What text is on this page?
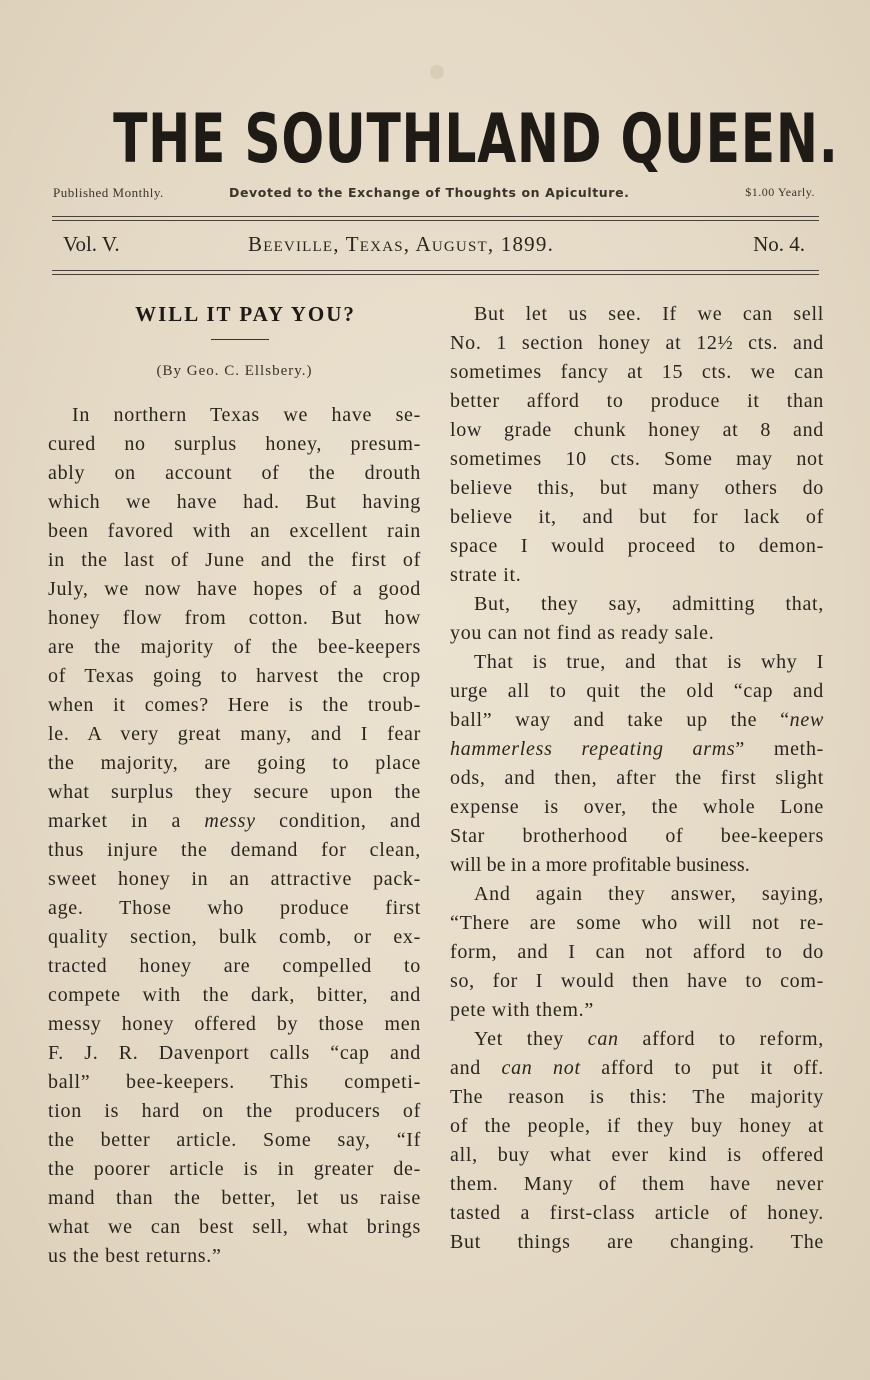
THE SOUTHLAND QUEEN.
Published Monthly.	Devoted to the Exchange of Thoughts on Apiculture.	$1.00 Yearly.
Vol. V.	Beeville, Texas, August, 1899.	No. 4.

WILL IT PAY YOU?

(By Geo. C. Ellsbery.)

In northern Texas we have se-

cured no surplus honey, presum-

ably on account of the drouth

which we have had. But having

been favored with an excellent rain

in the last of June and the first of

July, we now have hopes of a good

honey flow from cotton. But how

are the majority of the bee-keepers

of Texas going to harvest the crop

when it comes? Here is the troub-

le. A very great many, and I fear

the majority, are going to place

what surplus they secure upon the

market in a messy condition, and

thus injure the demand for clean,

sweet honey in an attractive pack-

age. Those who produce first

quality section, bulk comb, or ex-

tracted honey are compelled to

compete with the dark, bitter, and

messy honey offered by those men

F. J. R. Davenport calls “cap and

ball” bee-keepers. This competi-

tion is hard on the producers of

the better article. Some say, “If

the poorer article is in greater de-

mand than the better, let us raise

what we can best sell, what brings

us the best returns.”

But let us see. If we can sell

No. 1 section honey at 12½ cts. and

sometimes fancy at 15 cts. we can

better afford to produce it than

low grade chunk honey at 8 and

sometimes 10 cts. Some may not

believe this, but many others do

believe it, and but for lack of

space I would proceed to demon-

strate it.

But, they say, admitting that,

you can not find as ready sale.

That is true, and that is why I

urge all to quit the old “cap and

ball” way and take up the “new

hammerless repeating arms” meth-

ods, and then, after the first slight

expense is over, the whole Lone

Star brotherhood of bee-keepers

will be in a more profitable business.

And again they answer, saying,

“There are some who will not re-

form, and I can not afford to do

so, for I would then have to com-

pete with them.”

Yet they can afford to reform,

and can not afford to put it off.

The reason is this: The majority

of the people, if they buy honey at

all, buy what ever kind is offered

them. Many of them have never

tasted a first-class article of honey.

But things are changing. The
